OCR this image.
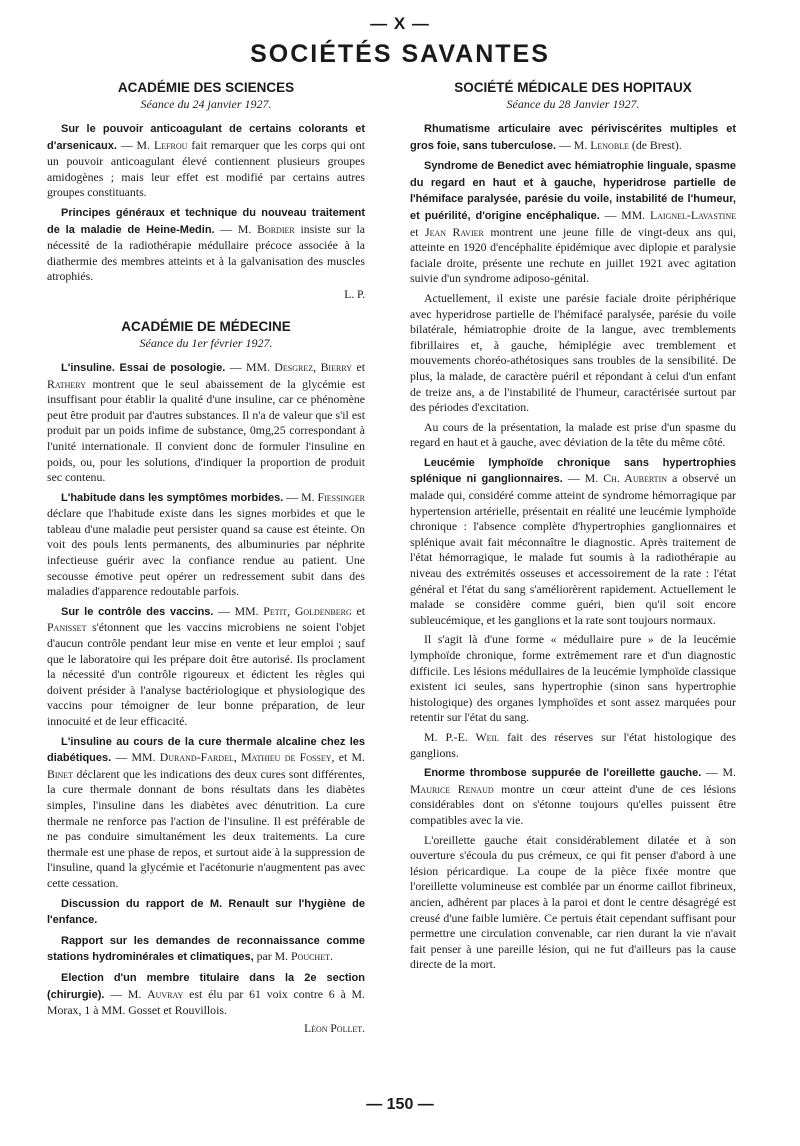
— X —
SOCIÉTÉS SAVANTES
ACADÉMIE DES SCIENCES
Séance du 24 janvier 1927.

Sur le pouvoir anticoagulant de certains colorants et d'arsenicaux. — M. Lefrou fait remarquer que les corps qui ont un pouvoir anticoagulant élevé contiennent plusieurs groupes amidogènes ; mais leur effet est modifié par certains autres groupes constituants.

Principes généraux et technique du nouveau traitement de la maladie de Heine-Medin. — M. Bordier insiste sur la nécessité de la radiothérapie médullaire précoce associée à la diathermie des membres atteints et à la galvanisation des muscles atrophiés.

L. P.

ACADÉMIE DE MÉDECINE
Séance du 1er février 1927.

L'insuline. Essai de posologie. — MM. Desgrez, Bierry et Rathery montrent que le seul abaissement de la glycémie est insuffisant pour établir la qualité d'une insuline, car ce phénomène peut être produit par d'autres substances. Il n'a de valeur que s'il est produit par un poids infime de substance, 0mg,25 correspondant à l'unité internationale. Il convient donc de formuler l'insuline en poids, ou, pour les solutions, d'indiquer la proportion de produit sec contenu.

L'habitude dans les symptômes morbides. — M. Fiessinger déclare que l'habitude existe dans les signes morbides et que le tableau d'une maladie peut persister quand sa cause est éteinte. On voit des pouls lents permanents, des albuminuries par néphrite infectieuse guérir avec la confiance rendue au patient. Une secousse émotive peut opérer un redressement subit dans des maladies d'apparence redoutable parfois.

Sur le contrôle des vaccins. — MM. Petit, Goldenberg et Panisset s'étonnent que les vaccins microbiens ne soient l'objet d'aucun contrôle pendant leur mise en vente et leur emploi ; sauf que le laboratoire qui les prépare doit être autorisé. Ils proclament la nécessité d'un contrôle rigoureux et édictent les règles qui doivent présider à l'analyse bactériologique et physiologique des vaccins pour témoigner de leur bonne préparation, de leur innocuité et de leur efficacité.

L'insuline au cours de la cure thermale alcaline chez les diabétiques. — MM. Durand-Fardel, Mathieu de Fossey, et M. Binet déclarent que les indications des deux cures sont différentes, la cure thermale donnant de bons résultats dans les diabètes simples, l'insuline dans les diabètes avec dénutrition. La cure thermale ne renforce pas l'action de l'insuline. Il est préférable de ne pas conduire simultanément les deux traitements. La cure thermale est une phase de repos, et surtout aide à la suppression de l'insuline, quand la glycémie et l'acétonurie n'augmentent pas avec cette cessation.

Discussion du rapport de M. Renault sur l'hygiène de l'enfance.

Rapport sur les demandes de reconnaissance comme stations hydrominérales et climatiques, par M. Pouchet.

Election d'un membre titulaire dans la 2e section (chirurgie). — M. Auvray est élu par 61 voix contre 6 à M. Morax, 1 à MM. Gosset et Rouvillois.

Léon Pollet.

SOCIÉTÉ MÉDICALE DES HOPITAUX
Séance du 28 Janvier 1927.

Rhumatisme articulaire avec périviscérites multiples et gros foie, sans tuberculose. — M. Lenoble (de Brest).

Syndrome de Benedict avec hémiatrophie linguale, spasme du regard en haut et à gauche, hyperidrose partielle de l'hémiface paralysée, parésie du voile, instabilité de l'humeur, et puérilité, d'origine encéphalique. — MM. Laignel-Lavastine et Jean Ravier montrent une jeune fille de vingt-deux ans qui, atteinte en 1920 d'encéphalite épidémique avec diplopie et paralysie faciale droite, présente une rechute en juillet 1921 avec agitation suivie d'un syndrome adiposo-génital.

Actuellement, il existe une parésie faciale droite périphérique avec hyperidrose partielle de l'hémifacé paralysée, parésie du voile bilatérale, hémiatrophie droite de la langue, avec tremblements fibrillaires et, à gauche, hémiplégie avec tremblement et mouvements choréo-athétosiques sans troubles de la sensibilité. De plus, la malade, de caractère puéril et répondant à celui d'un enfant de treize ans, a de l'instabilité de l'humeur, caractérisée surtout par des périodes d'excitation.

Au cours de la présentation, la malade est prise d'un spasme du regard en haut et à gauche, avec déviation de la tête du même côté.

Leucémie lymphoïde chronique sans hypertrophies splénique ni ganglionnaires. — M. Ch. Aubertin a observé un malade qui, considéré comme atteint de syndrome hémorragique par hypertension artérielle, présentait en réalité une leucémie lymphoïde chronique : l'absence complète d'hypertrophies ganglionnaires et splénique avait fait méconnaître le diagnostic. Après traitement de l'état hémorragique, le malade fut soumis à la radiothérapie au niveau des extrémités osseuses et accessoirement de la rate : l'état général et l'état du sang s'améliorèrent rapidement. Actuellement le malade se considère comme guéri, bien qu'il soit encore subleucémique, et les ganglions et la rate sont toujours normaux.

Il s'agit là d'une forme « médullaire pure » de la leucémie lymphoïde chronique, forme extrêmement rare et d'un diagnostic difficile. Les lésions médullaires de la leucémie lymphoïde classique existent ici seules, sans hypertrophie (sinon sans hypertrophie histologique) des organes lymphoïdes et sont assez marquées pour retentir sur l'état du sang.

M. P.-E. Weil fait des réserves sur l'état histologique des ganglions.

Enorme thrombose suppurée de l'oreillette gauche. — M. Maurice Renaud montre un cœur atteint d'une de ces lésions considérables dont on s'étonne toujours qu'elles puissent être compatibles avec la vie.

L'oreillette gauche était considérablement dilatée et à son ouverture s'écoula du pus crémeux, ce qui fit penser d'abord à une lésion péricardique. La coupe de la pièce fixée montre que l'oreillette volumineuse est comblée par un énorme caillot fibrineux, ancien, adhérent par places à la paroi et dont le centre désagrégé est creusé d'une faible lumière. Ce pertuis était cependant suffisant pour permettre une circulation convenable, car rien durant la vie n'avait fait penser à une pareille lésion, qui ne fut d'ailleurs pas la cause directe de la mort.

— 150 —
